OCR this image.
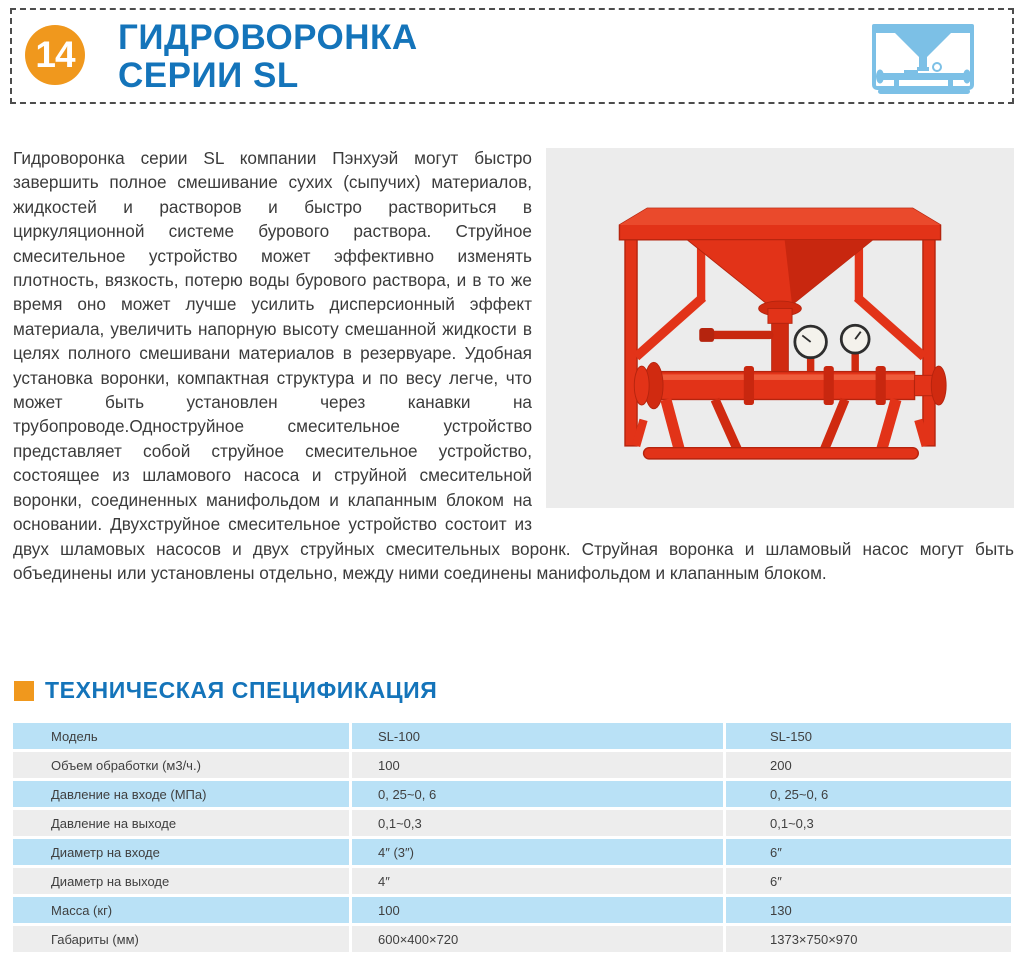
14 ГИДРОВОРОНКА
СЕРИИ SL

Гидроворонка серии SL компании Пэнхуэй могут быстро завершить полное смешивание сухих (сыпучих) материалов, жидкостей и растворов и быстро раствориться в циркуляционной системе бурового раствора. Струйное смесительное устройство может эффективно изменять плотность, вязкость, потерю воды бурового раствора, и в то же время оно может лучше усилить дисперсионный эффект материала, увеличить напорную высоту смешанной жидкости в целях полного смешивани материалов в резервуаре. Удобная установка воронки, компактная структура и по весу легче, что может быть установлен через канавки на трубопроводе.Одноструйное смесительное устройство представляет собой струйное смесительное устройство, состоящее из шламового насоса и струйной смесительной воронки, соединенных манифольдом и клапанным блоком на основании. Двухструйное смесительное устройство состоит из двух шламовых насосов и двух струйных смесительных воронк. Струйная воронка и шламовый насос могут быть объединены или установлены отдельно, между ними соединены манифольдом и клапанным блоком.

ТЕХНИЧЕСКАЯ СПЕЦИФИКАЦИЯ
Модель	SL-100	SL-150
Объем обработки (м3/ч.)	100	200
Давление на входе (МПа)	0, 25~0, 6	0, 25~0, 6
Давление на выходе	0,1~0,3	0,1~0,3
Диаметр на входе	4″ (3″)	6″
Диаметр на выходе	4″	6″
Масса (кг)	100	130
Габариты (мм)	600×400×720	1373×750×970
